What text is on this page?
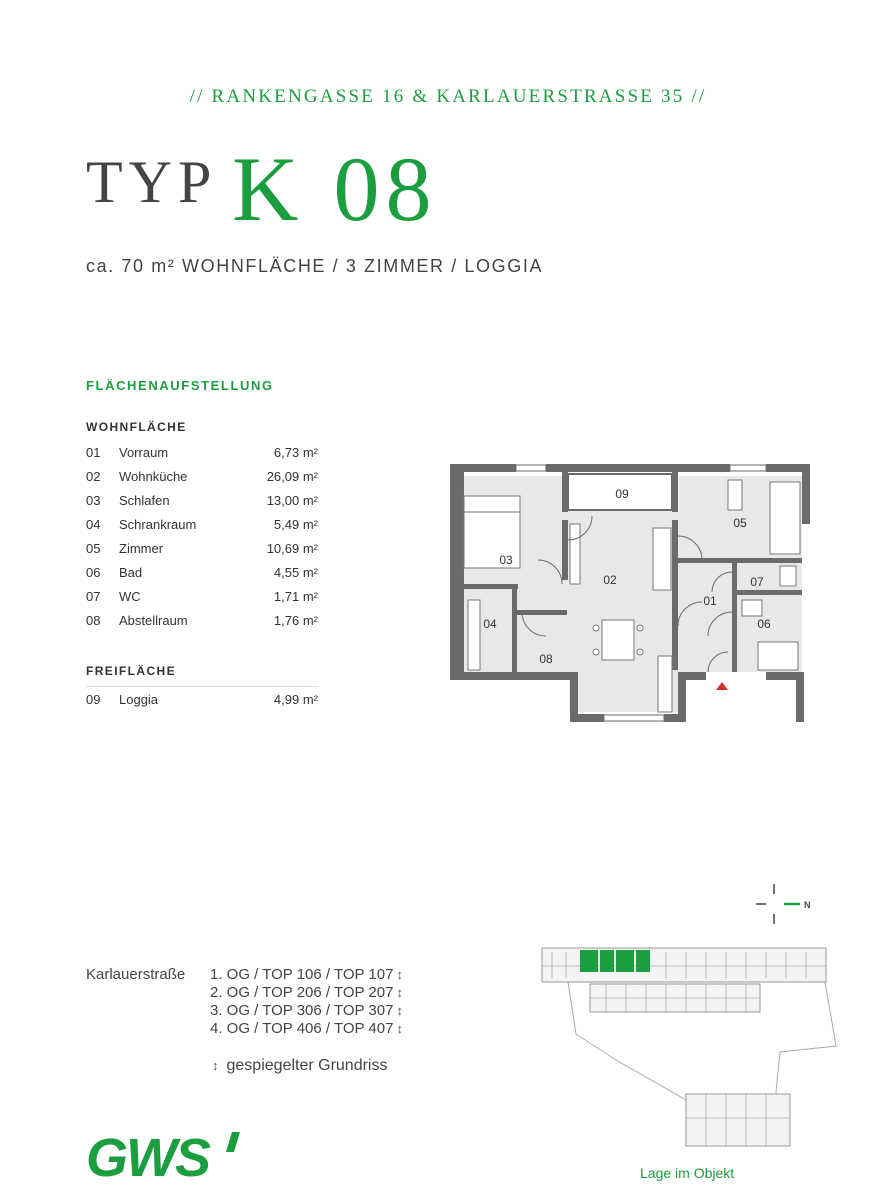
// RANKENGASSE 16 & KARLAUERSTRASSE 35 //
TYP K 08
ca. 70 m² WOHNFLÄCHE / 3 ZIMMER / LOGGIA
FLÄCHENAUFSTELLUNG
WOHNFLÄCHE
01 Vorraum	6,73 m²
02 Wohnküche	26,09 m²
03 Schlafen	13,00 m²
04 Schrankraum	5,49 m²
05 Zimmer	10,69 m²
06 Bad	4,55 m²
07 WC	1,71 m²
08 Abstellraum	1,76 m²
FREIFLÄCHE
09 Loggia	4,99 m²
09
05
03
02	07
01
06
04
08
N
Lage im Objekt
Karlauerstraße 1. OG / TOP 106 / TOP 107 ↕
2. OG / TOP 206 / TOP 207 ↕
3. OG / TOP 306 / TOP 307 ↕
4. OG / TOP 406 / TOP 407 ↕
↕ gespiegelter Grundriss
GWS
